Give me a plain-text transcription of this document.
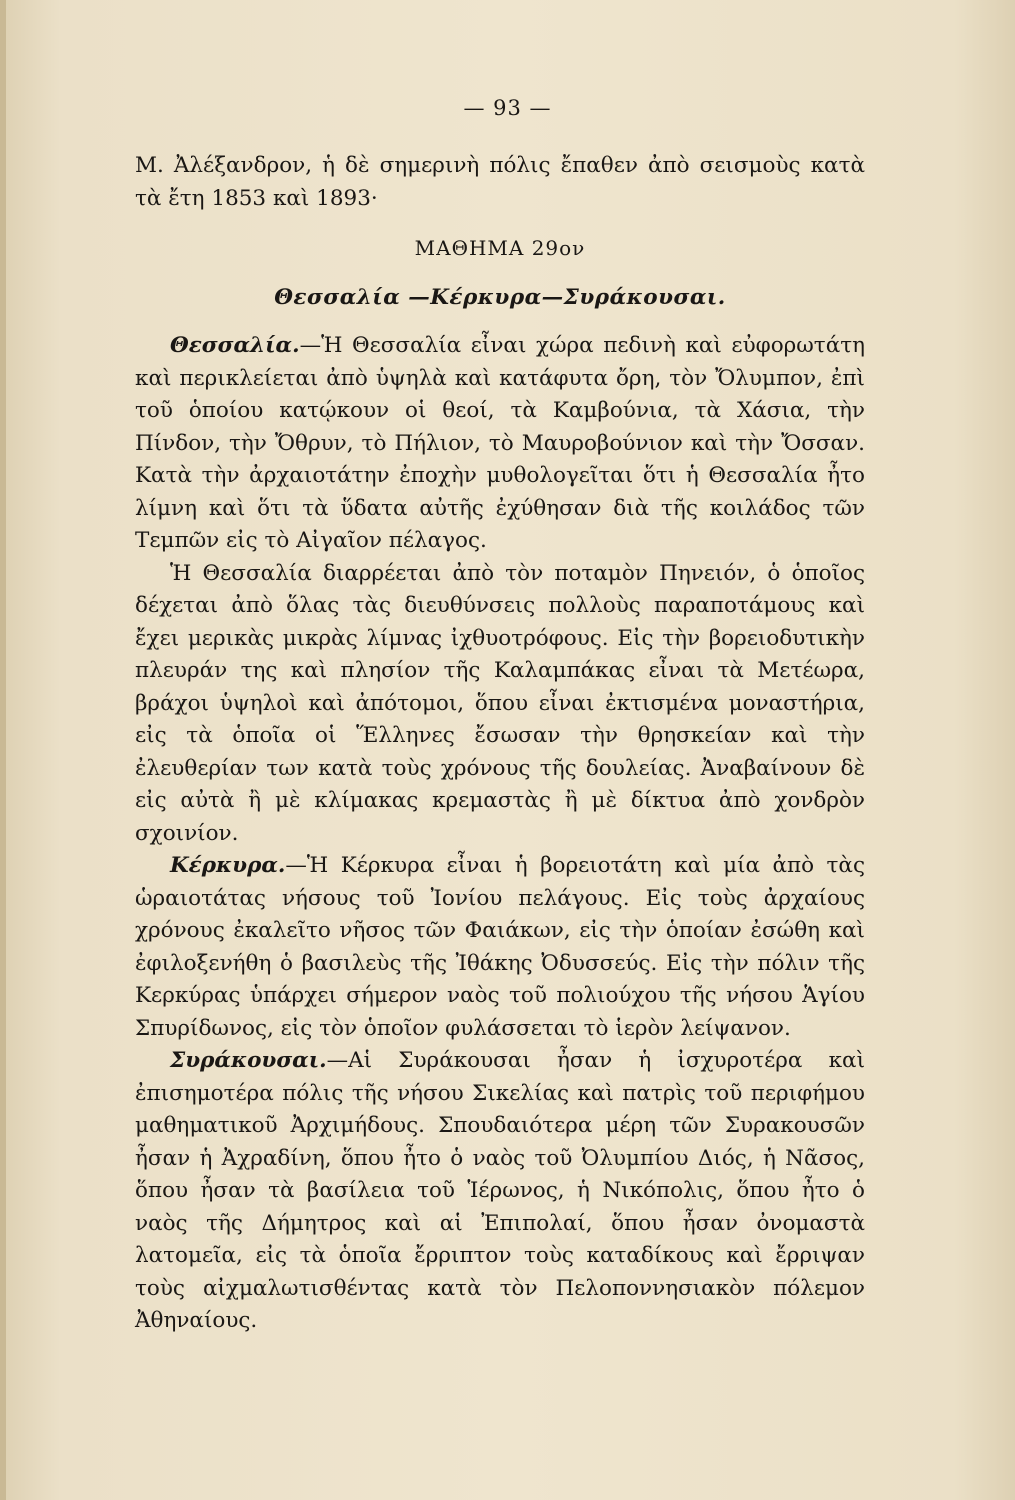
— 93 —

Μ. Ἀλέξανδρον, ἡ δὲ σημερινὴ πόλις ἔπαθεν ἀπὸ σεισμοὺς κατὰ τὰ ἔτη 1853 καὶ 1893·

ΜΑΘΗΜΑ 29ον

Θεσσαλία —Κέρκυρα—Συράκουσαι.

Θεσσαλία.—Ἡ Θεσσαλία εἶναι χώρα πεδινὴ καὶ εὐφορωτάτη καὶ περικλείεται ἀπὸ ὑψηλὰ καὶ κατάφυτα ὄρη, τὸν Ὄλυμπον, ἐπὶ τοῦ ὁποίου κατῴκουν οἱ θεοί, τὰ Καμβούνια, τὰ Χάσια, τὴν Πίνδον, τὴν Ὄθρυν, τὸ Πήλιον, τὸ Μαυροβούνιον καὶ τὴν Ὄσσαν. Κατὰ τὴν ἀρχαιοτάτην ἐποχὴν μυθολογεῖται ὅτι ἡ Θεσσαλία ἦτο λίμνη καὶ ὅτι τὰ ὕδατα αὐτῆς ἐχύθησαν διὰ τῆς κοιλάδος τῶν Τεμπῶν εἰς τὸ Αἰγαῖον πέλαγος.

Ἡ Θεσσαλία διαρρέεται ἀπὸ τὸν ποταμὸν Πηνειόν, ὁ ὁποῖος δέχεται ἀπὸ ὅλας τὰς διευθύνσεις πολλοὺς παραποτάμους καὶ ἔχει μερικὰς μικρὰς λίμνας ἰχθυοτρόφους. Εἰς τὴν βορειοδυτικὴν πλευράν της καὶ πλησίον τῆς Καλαμπάκας εἶναι τὰ Μετέωρα, βράχοι ὑψηλοὶ καὶ ἀπότομοι, ὅπου εἶναι ἐκτισμένα μοναστήρια, εἰς τὰ ὁποῖα οἱ Ἕλληνες ἔσωσαν τὴν θρησκείαν καὶ τὴν ἐλευθερίαν των κατὰ τοὺς χρόνους τῆς δουλείας. Ἀναβαίνουν δὲ εἰς αὐτὰ ἢ μὲ κλίμακας κρεμαστὰς ἢ μὲ δίκτυα ἀπὸ χονδρὸν σχοινίον.

Κέρκυρα.—Ἡ Κέρκυρα εἶναι ἡ βορειοτάτη καὶ μία ἀπὸ τὰς ὡραιοτάτας νήσους τοῦ Ἰονίου πελάγους. Εἰς τοὺς ἀρχαίους χρόνους ἐκαλεῖτο νῆσος τῶν Φαιάκων, εἰς τὴν ὁποίαν ἐσώθη καὶ ἐφιλοξενήθη ὁ βασιλεὺς τῆς Ἰθάκης Ὀδυσσεύς. Εἰς τὴν πόλιν τῆς Κερκύρας ὑπάρχει σήμερον ναὸς τοῦ πολιούχου τῆς νήσου Ἁγίου Σπυρίδωνος, εἰς τὸν ὁποῖον φυλάσσεται τὸ ἱερὸν λείψανον.

Συράκουσαι.—Αἱ Συράκουσαι ἦσαν ἡ ἰσχυροτέρα καὶ ἐπισημοτέρα πόλις τῆς νήσου Σικελίας καὶ πατρὶς τοῦ περιφήμου μαθηματικοῦ Ἀρχιμήδους. Σπουδαιότερα μέρη τῶν Συρακουσῶν ἦσαν ἡ Ἀχραδίνη, ὅπου ἦτο ὁ ναὸς τοῦ Ὀλυμπίου Διός, ἡ Νᾶσος, ὅπου ἦσαν τὰ βασίλεια τοῦ Ἱέρωνος, ἡ Νικόπολις, ὅπου ἦτο ὁ ναὸς τῆς Δήμητρος καὶ αἱ Ἐπιπολαί, ὅπου ἦσαν ὀνομαστὰ λατομεῖα, εἰς τὰ ὁποῖα ἔρριπτον τοὺς καταδίκους καὶ ἔρριψαν τοὺς αἰχμαλωτισθέντας κατὰ τὸν Πελοποννησιακὸν πόλεμον Ἀθηναίους.
